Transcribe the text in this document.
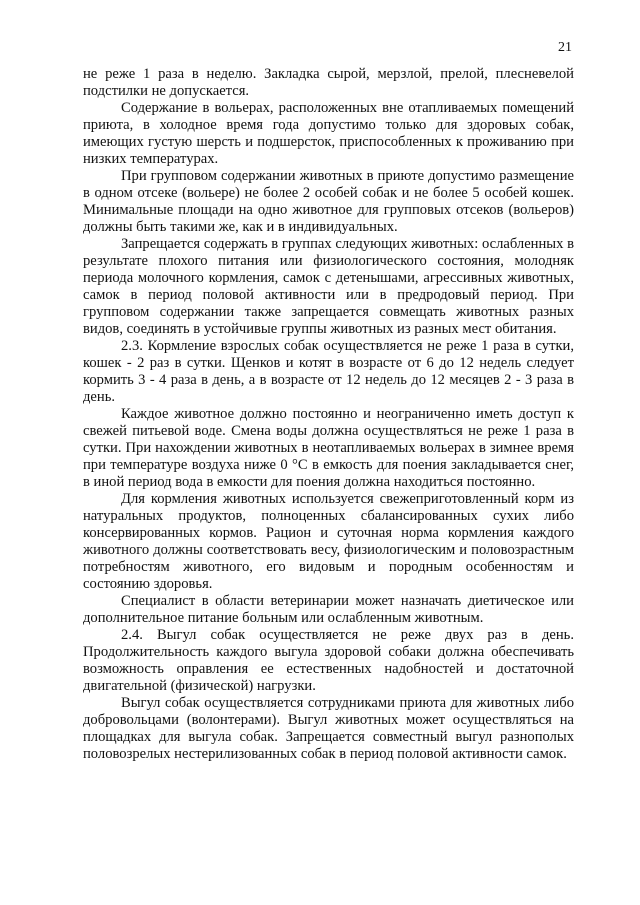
21

не реже 1 раза в неделю. Закладка сырой, мерзлой, прелой, плесневелой подстилки не допускается.

Содержание в вольерах, расположенных вне отапливаемых помещений приюта, в холодное время года допустимо только для здоровых собак, имеющих густую шерсть и подшерсток, приспособленных к проживанию при низких температурах.

При групповом содержании животных в приюте допустимо размещение в одном отсеке (вольере) не более 2 особей собак и не более 5 особей кошек. Минимальные площади на одно животное для групповых отсеков (вольеров) должны быть такими же, как и в индивидуальных.

Запрещается содержать в группах следующих животных: ослабленных в результате плохого питания или физиологического состояния, молодняк периода молочного кормления, самок с детенышами, агрессивных животных, самок в период половой активности или в предродовый период. При групповом содержании также запрещается совмещать животных разных видов, соединять в устойчивые группы животных из разных мест обитания.

2.3. Кормление взрослых собак осуществляется не реже 1 раза в сутки, кошек - 2 раз в сутки. Щенков и котят в возрасте от 6 до 12 недель следует кормить 3 - 4 раза в день, а в возрасте от 12 недель до 12 месяцев 2 - 3 раза в день.

Каждое животное должно постоянно и неограниченно иметь доступ к свежей питьевой воде. Смена воды должна осуществляться не реже 1 раза в сутки. При нахождении животных в неотапливаемых вольерах в зимнее время при температуре воздуха ниже 0 °С в емкость для поения закладывается снег, в иной период вода в емкости для поения должна находиться постоянно.

Для кормления животных используется свежеприготовленный корм из натуральных продуктов, полноценных сбалансированных сухих либо консервированных кормов. Рацион и суточная норма кормления каждого животного должны соответствовать весу, физиологическим и половозрастным потребностям животного, его видовым и породным особенностям и состоянию здоровья.

Специалист в области ветеринарии может назначать диетическое или дополнительное питание больным или ослабленным животным.

2.4. Выгул собак осуществляется не реже двух раз в день. Продолжительность каждого выгула здоровой собаки должна обеспечивать возможность оправления ее естественных надобностей и достаточной двигательной (физической) нагрузки.

Выгул собак осуществляется сотрудниками приюта для животных либо добровольцами (волонтерами). Выгул животных может осуществляться на площадках для выгула собак. Запрещается совместный выгул разнополых половозрелых нестерилизованных собак в период половой активности самок.
